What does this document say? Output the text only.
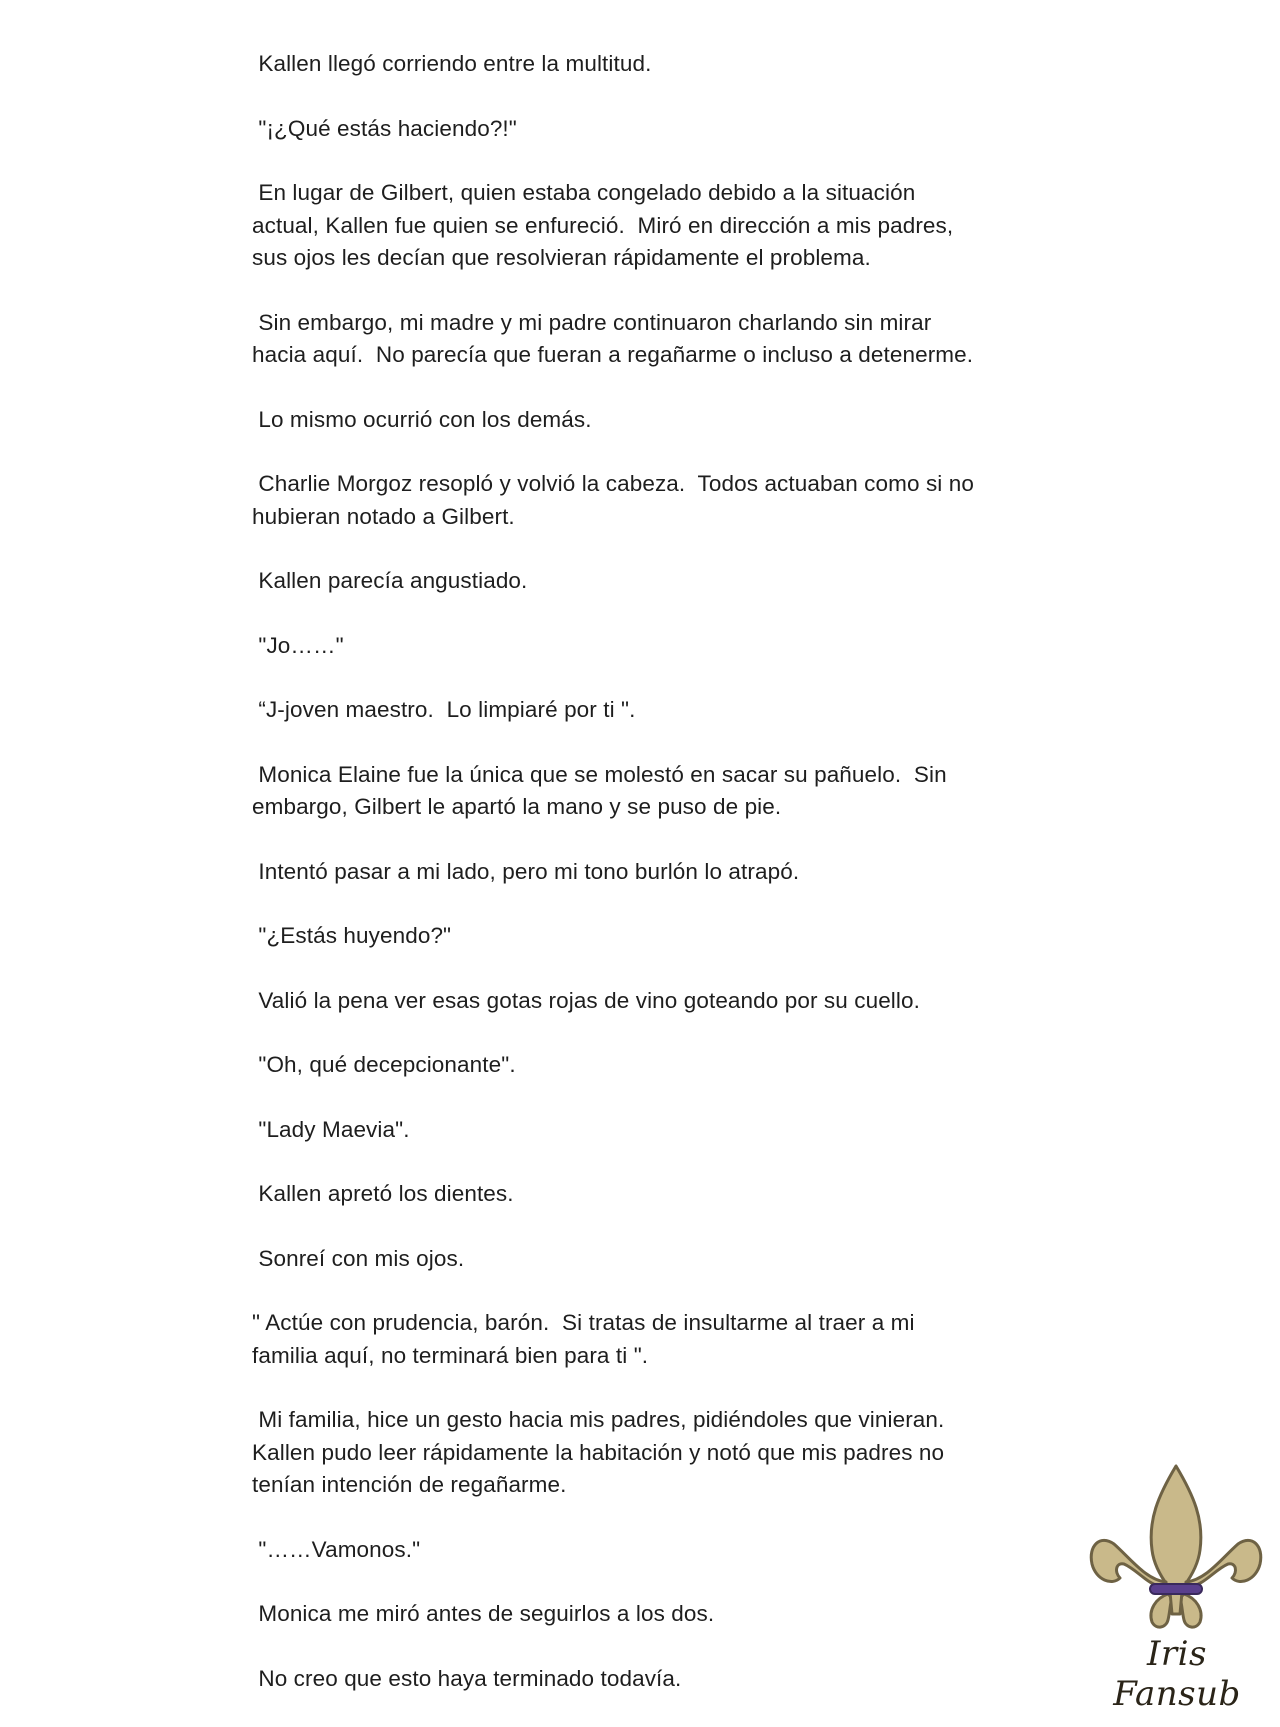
Kallen llegó corriendo entre la multitud.

"¡¿Qué estás haciendo?!"

En lugar de Gilbert, quien estaba congelado debido a la situación
actual, Kallen fue quien se enfureció.  Miró en dirección a mis padres,
sus ojos les decían que resolvieran rápidamente el problema.

Sin embargo, mi madre y mi padre continuaron charlando sin mirar
hacia aquí.  No parecía que fueran a regañarme o incluso a detenerme.

Lo mismo ocurrió con los demás.

Charlie Morgoz resopló y volvió la cabeza.  Todos actuaban como si no
hubieran notado a Gilbert.

Kallen parecía angustiado.

"Jo……"

“J-joven maestro.  Lo limpiaré por ti ".

Monica Elaine fue la única que se molestó en sacar su pañuelo.  Sin
embargo, Gilbert le apartó la mano y se puso de pie.

Intentó pasar a mi lado, pero mi tono burlón lo atrapó.

"¿Estás huyendo?"

Valió la pena ver esas gotas rojas de vino goteando por su cuello.

"Oh, qué decepcionante".

"Lady Maevia".

Kallen apretó los dientes.

Sonreí con mis ojos.

" Actúe con prudencia, barón.  Si tratas de insultarme al traer a mi
familia aquí, no terminará bien para ti ".

Mi familia, hice un gesto hacia mis padres, pidiéndoles que vinieran.
Kallen pudo leer rápidamente la habitación y notó que mis padres no
tenían intención de regañarme.

"……Vamonos."

Monica me miró antes de seguirlos a los dos.

No creo que esto haya terminado todavía.

Iris Fansub
